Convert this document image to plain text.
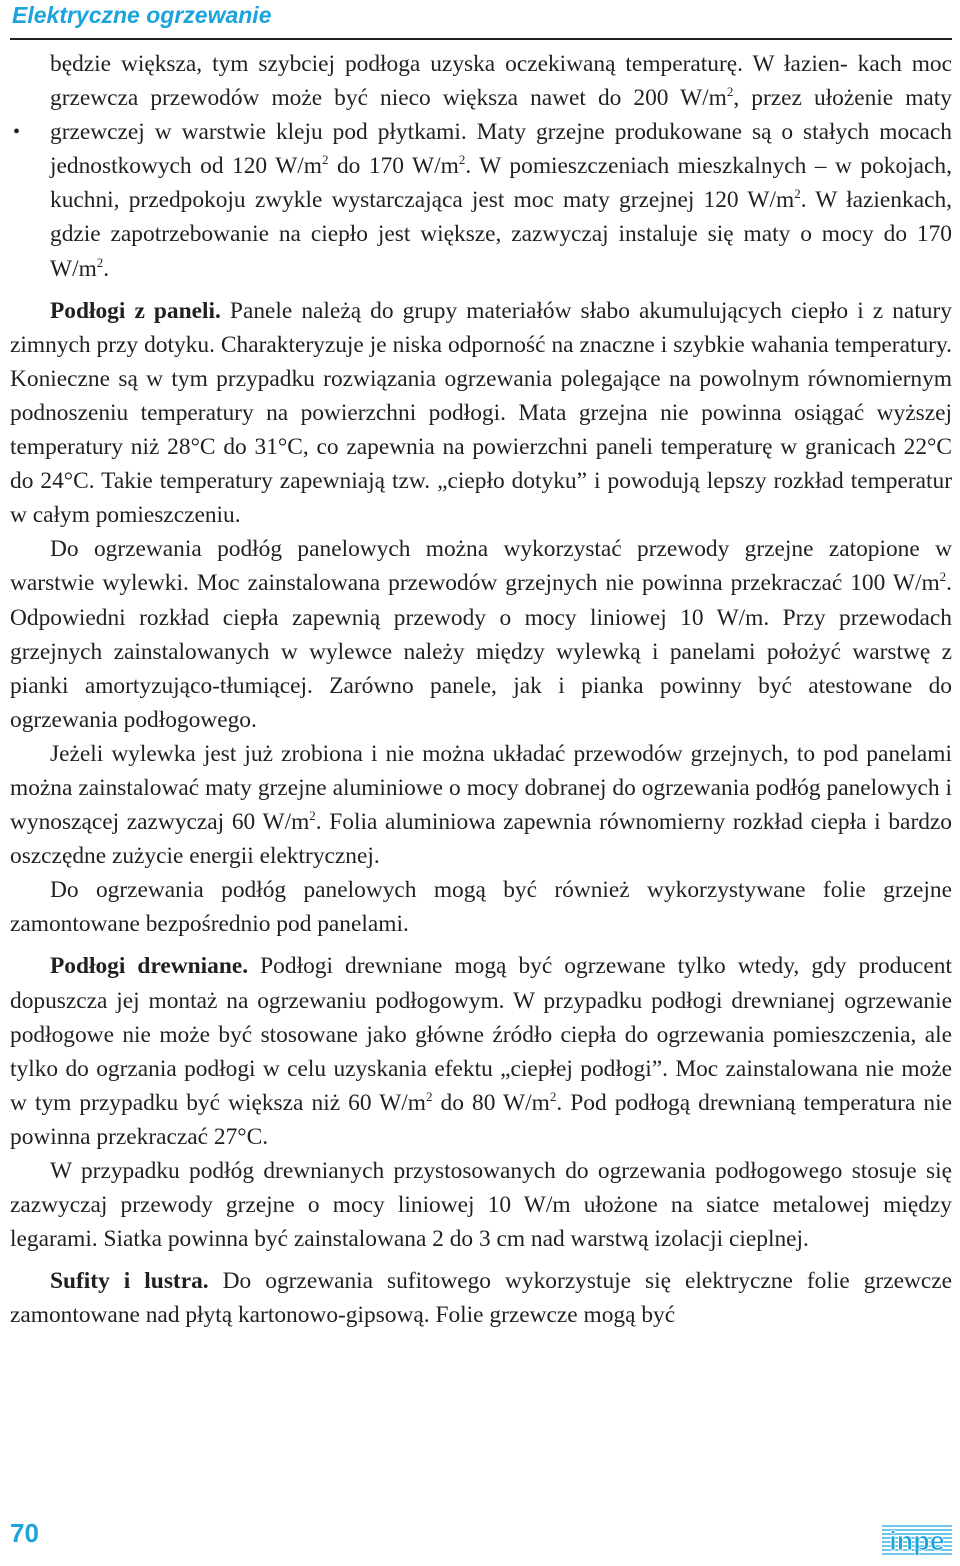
Elektryczne ogrzewanie
•

będzie większa, tym szybciej podłoga uzyska oczekiwaną temperaturę. W łazien- kach moc grzewcza przewodów może być nieco większa nawet do 200 $W/m^2$, przez ułożenie maty grzewczej w warstwie kleju pod płytkami. Maty grzejne produkowane są o stałych mocach jednostkowych od 120 $W/m^2$ do 170 $W/m^2$. W pomieszczeniach mieszkalnych – w pokojach, kuchni, przedpokoju zwykle wystarczająca jest moc maty grzejnej 120 $W/m^2$. W łazienkach, gdzie zapotrzebowanie na ciepło jest większe, zazwyczaj instaluje się maty o mocy do 170 $W/m^2$.

Podłogi z paneli. Panele należą do grupy materiałów słabo akumulujących ciepło i z natury zimnych przy dotyku. Charakteryzuje je niska odporność na znaczne i szybkie wahania temperatury. Konieczne są w tym przypadku rozwiązania ogrzewania polegające na powolnym równomiernym podnoszeniu temperatury na powierzchni podłogi. Mata grzejna nie powinna osiągać wyższej temperatury niż 28°C do 31°C, co zapewnia na powierzchni paneli temperaturę w granicach 22°C do 24°C. Takie temperatury zapewniają tzw. „ciepło dotyku” i powodują lepszy rozkład temperatur w całym pomieszczeniu.

Do ogrzewania podłóg panelowych można wykorzystać przewody grzejne zatopione w warstwie wylewki. Moc zainstalowana przewodów grzejnych nie powinna przekraczać 100 $W/m^2$. Odpowiedni rozkład ciepła zapewnią przewody o mocy liniowej 10 W/m. Przy przewodach grzejnych zainstalowanych w wylewce należy między wylewką i panelami położyć warstwę z pianki amortyzująco-tłumiącej. Zarówno panele, jak i pianka powinny być atestowane do ogrzewania podłogowego.

Jeżeli wylewka jest już zrobiona i nie można układać przewodów grzejnych, to pod panelami można zainstalować maty grzejne aluminiowe o mocy dobranej do ogrzewania podłóg panelowych i wynoszącej zazwyczaj 60 $W/m^2$. Folia aluminiowa zapewnia równomierny rozkład ciepła i bardzo oszczędne zużycie energii elektrycznej.

Do ogrzewania podłóg panelowych mogą być również wykorzystywane folie grzejne zamontowane bezpośrednio pod panelami.

Podłogi drewniane. Podłogi drewniane mogą być ogrzewane tylko wtedy, gdy producent dopuszcza jej montaż na ogrzewaniu podłogowym. W przypadku podłogi drewnianej ogrzewanie podłogowe nie może być stosowane jako główne źródło ciepła do ogrzewania pomieszczenia, ale tylko do ogrzania podłogi w celu uzyskania efektu „ciepłej podłogi”. Moc zainstalowana nie może w tym przypadku być większa niż 60 $W/m^2$ do 80 $W/m^2$. Pod podłogą drewnianą temperatura nie powinna przekraczać 27°C.

W przypadku podłóg drewnianych przystosowanych do ogrzewania podłogowego stosuje się zazwyczaj przewody grzejne o mocy liniowej 10 W/m ułożone na siatce metalowej między legarami. Siatka powinna być zainstalowana 2 do 3 cm nad warstwą izolacji cieplnej.

Sufity i lustra. Do ogrzewania sufitowego wykorzystuje się elektryczne folie grzewcze zamontowane nad płytą kartonowo-gipsową. Folie grzewcze mogą być

70	inpe
